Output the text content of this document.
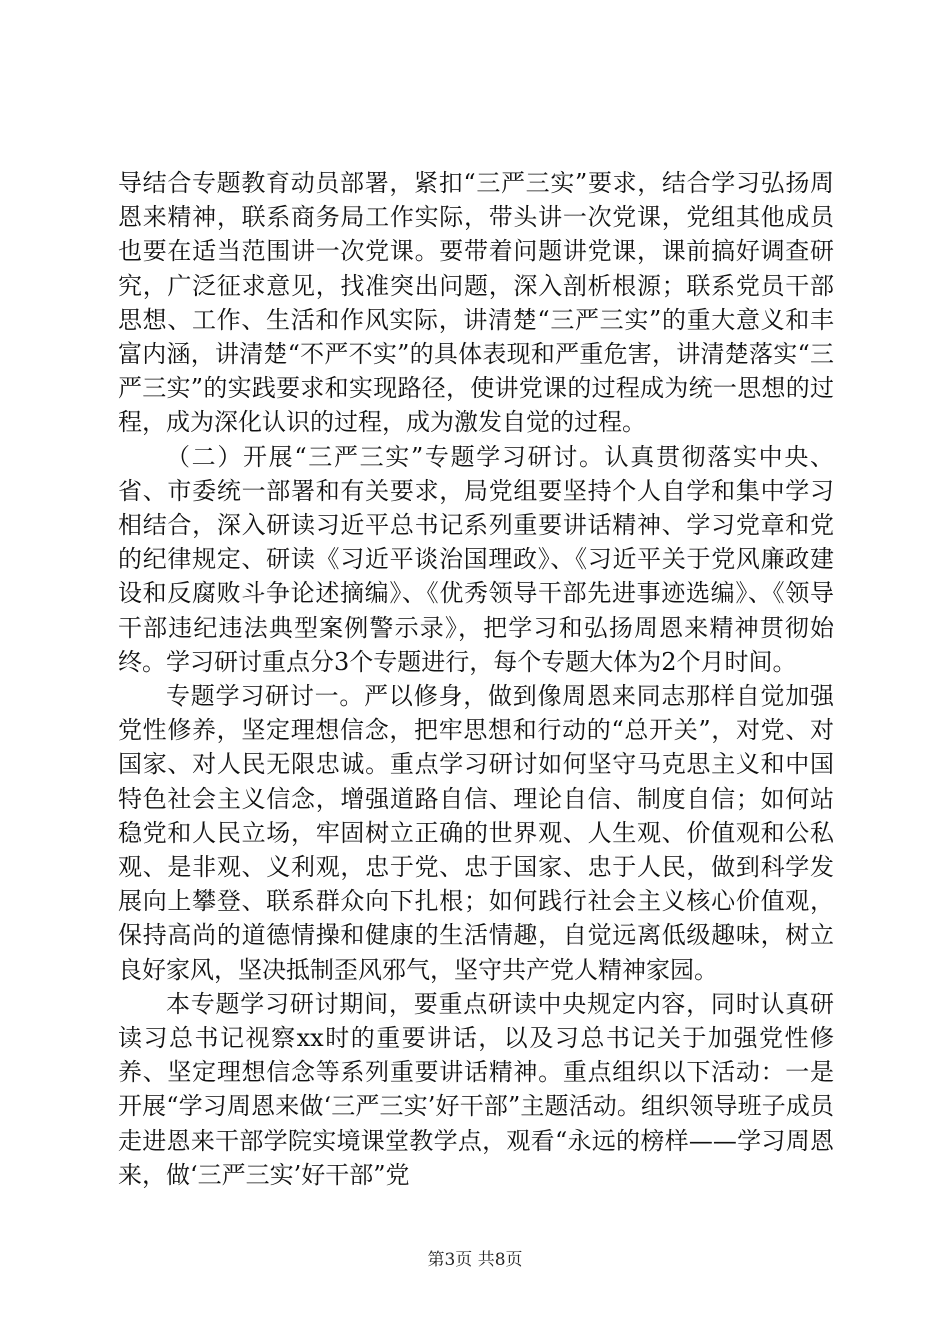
导结合专题教育动员部署，紧扣“三严三实”要求，结合学习弘扬周恩来精神，联系商务局工作实际，带头讲一次党课，党组其他成员也要在适当范围讲一次党课。要带着问题讲党课，课前搞好调查研究，广泛征求意见，找准突出问题，深入剖析根源；联系党员干部思想、工作、生活和作风实际，讲清楚“三严三实”的重大意义和丰富内涵，讲清楚“不严不实”的具体表现和严重危害，讲清楚落实“三严三实”的实践要求和实现路径，使讲党课的过程成为统一思想的过程，成为深化认识的过程，成为激发自觉的过程。

（二）开展“三严三实”专题学习研讨。认真贯彻落实中央、省、市委统一部署和有关要求，局党组要坚持个人自学和集中学习相结合，深入研读习近平总书记系列重要讲话精神、学习党章和党的纪律规定、研读《习近平谈治国理政》、《习近平关于党风廉政建设和反腐败斗争论述摘编》、《优秀领导干部先进事迹选编》、《领导干部违纪违法典型案例警示录》，把学习和弘扬周恩来精神贯彻始终。学习研讨重点分3个专题进行，每个专题大体为2个月时间。

专题学习研讨一。严以修身，做到像周恩来同志那样自觉加强党性修养，坚定理想信念，把牢思想和行动的“总开关”，对党、对国家、对人民无限忠诚。重点学习研讨如何坚守马克思主义和中国特色社会主义信念，增强道路自信、理论自信、制度自信；如何站稳党和人民立场，牢固树立正确的世界观、人生观、价值观和公私观、是非观、义利观，忠于党、忠于国家、忠于人民，做到科学发展向上攀登、联系群众向下扎根；如何践行社会主义核心价值观，保持高尚的道德情操和健康的生活情趣，自觉远离低级趣味，树立良好家风，坚决抵制歪风邪气，坚守共产党人精神家园。

本专题学习研讨期间，要重点研读中央规定内容，同时认真研读习总书记视察xx时的重要讲话，以及习总书记关于加强党性修养、坚定理想信念等系列重要讲话精神。重点组织以下活动：一是开展“学习周恩来做‘三严三实’好干部”主题活动。组织领导班子成员走进恩来干部学院实境课堂教学点，观看“永远的榜样——学习周恩来，做‘三严三实’好干部”党

第3页 共8页
